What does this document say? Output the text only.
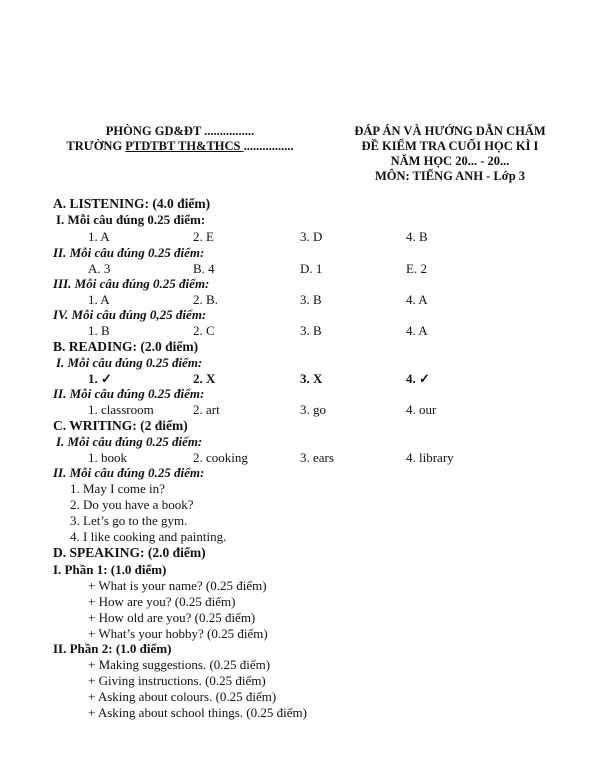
PHÒNG GD&ĐT ................
TRƯỜNG PTDTBT TH&THCS ................
ĐÁP ÁN VÀ HƯỚNG DẪN CHẤM
ĐỀ KIỂM TRA CUỐI HỌC KÌ I
NĂM HỌC 20... - 20...
MÔN: TIẾNG ANH - Lớp 3
A. LISTENING: (4.0 điểm)
I. Mỗi câu đúng 0.25 điểm:
1. A	2. E	3. D	4. B
II. Mỗi câu đúng 0.25 điểm:
A. 3	B. 4	D. 1	E. 2
III. Mỗi câu đúng 0.25 điểm:
1. A	2. B.	3. B	4. A
IV. Mỗi câu đúng 0,25 điểm:
1. B	2. C	3. B	4. A
B. READING: (2.0 điểm)
I. Mỗi câu đúng 0.25 điểm:
1. ✓	2. X	3. X	4. ✓
II. Mỗi câu đúng 0.25 điểm:
1. classroom	2. art	3. go	4. our
C. WRITING: (2 điểm)
I. Mỗi câu đúng 0.25 điểm:
1. book	2. cooking	3. ears	4. library
II. Mỗi câu đúng 0.25 điểm:
1. May I come in?
2. Do you have a book?
3. Let’s go to the gym.
4. I like cooking and painting.
D. SPEAKING: (2.0 điểm)
I. Phần 1: (1.0 điểm)
+ What is your name? (0.25 điểm)
+ How are you? (0.25 điểm)
+ How old are you? (0.25 điểm)
+ What’s your hobby? (0.25 điểm)
II. Phần 2: (1.0 điểm)
+ Making suggestions. (0.25 điểm)
+ Giving instructions. (0.25 điểm)
+ Asking about colours. (0.25 điểm)
+ Asking about school things. (0.25 điểm)
